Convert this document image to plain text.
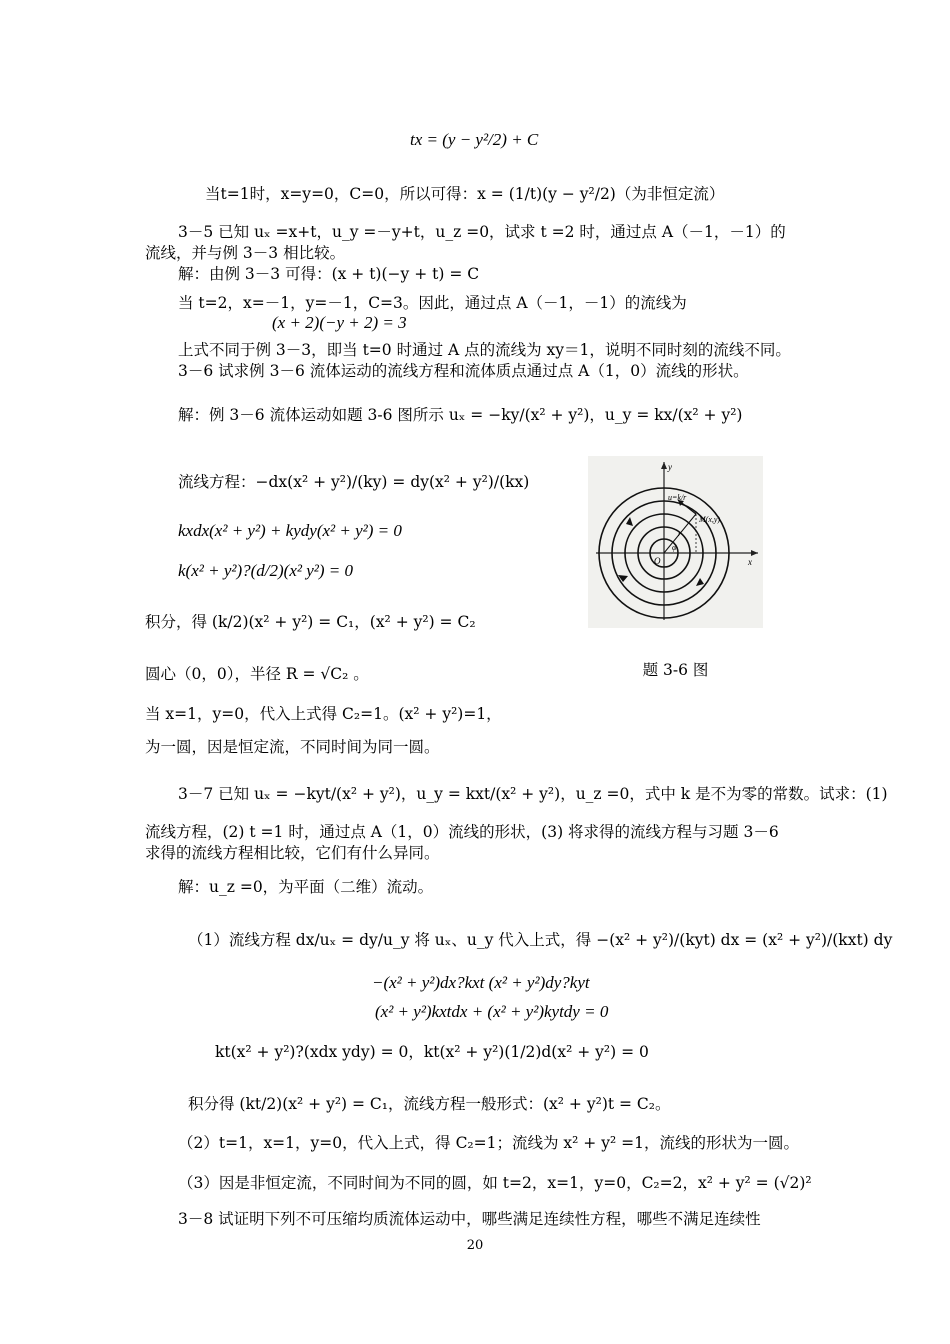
u=k/r
M(x,y)
O	x
y
φ
r
题 3-6 图
20
tx = (y − y²/2) + C
当t=1时，x=y=0，C=0，所以可得：x = (1/t)(y − y²/2)（为非恒定流）
3－5 已知 uₓ =x+t，u_y =－y+t，u_z =0，试求 t =2 时，通过点 A（－1，－1）的
流线，并与例 3－3 相比较。
解：由例 3－3 可得：(x + t)(−y + t) = C
当 t=2，x=－1，y=－1，C=3。因此，通过点 A（－1，－1）的流线为
(x + 2)(−y + 2) = 3
上式不同于例 3－3，即当 t=0 时通过 A 点的流线为 xy＝1，说明不同时刻的流线不同。
3－6 试求例 3－6 流体运动的流线方程和流体质点通过点 A（1，0）流线的形状。
解：例 3－6 流体运动如题 3-6 图所示 uₓ = −ky/(x² + y²)，u_y = kx/(x² + y²)
流线方程：−dx(x² + y²)/(ky) = dy(x² + y²)/(kx)
kxdx(x² + y²) + kydy(x² + y²) = 0
k(x² + y²)?(d/2)(x² y²) = 0
积分，得 (k/2)(x² + y²) = C₁，(x² + y²) = C₂
圆心（0，0），半径 R = √C₂ 。
当 x=1，y=0，代入上式得 C₂=1。(x² + y²)=1，
为一圆，因是恒定流，不同时间为同一圆。
3－7 已知 uₓ = −kyt/(x² + y²)，u_y = kxt/(x² + y²)，u_z =0，式中 k 是不为零的常数。试求：(1)
流线方程，(2) t =1 时，通过点 A（1，0）流线的形状，(3) 将求得的流线方程与习题 3－6
求得的流线方程相比较，它们有什么异同。
解：u_z =0，为平面（二维）流动。
（1）流线方程 dx/uₓ = dy/u_y 将 uₓ、u_y 代入上式，得 −(x² + y²)/(kyt) dx = (x² + y²)/(kxt) dy
−(x² + y²)dx?kxt (x² + y²)dy?kyt
(x² + y²)kxtdx + (x² + y²)kytdy = 0
kt(x² + y²)?(xdx ydy) = 0，kt(x² + y²)(1/2)d(x² + y²) = 0
积分得 (kt/2)(x² + y²) = C₁，流线方程一般形式：(x² + y²)t = C₂。
（2）t=1，x=1，y=0，代入上式，得 C₂=1；流线为 x² + y² =1，流线的形状为一圆。
（3）因是非恒定流，不同时间为不同的圆，如 t=2，x=1，y=0，C₂=2，x² + y² = (√2)²
3－8 试证明下列不可压缩均质流体运动中，哪些满足连续性方程，哪些不满足连续性
